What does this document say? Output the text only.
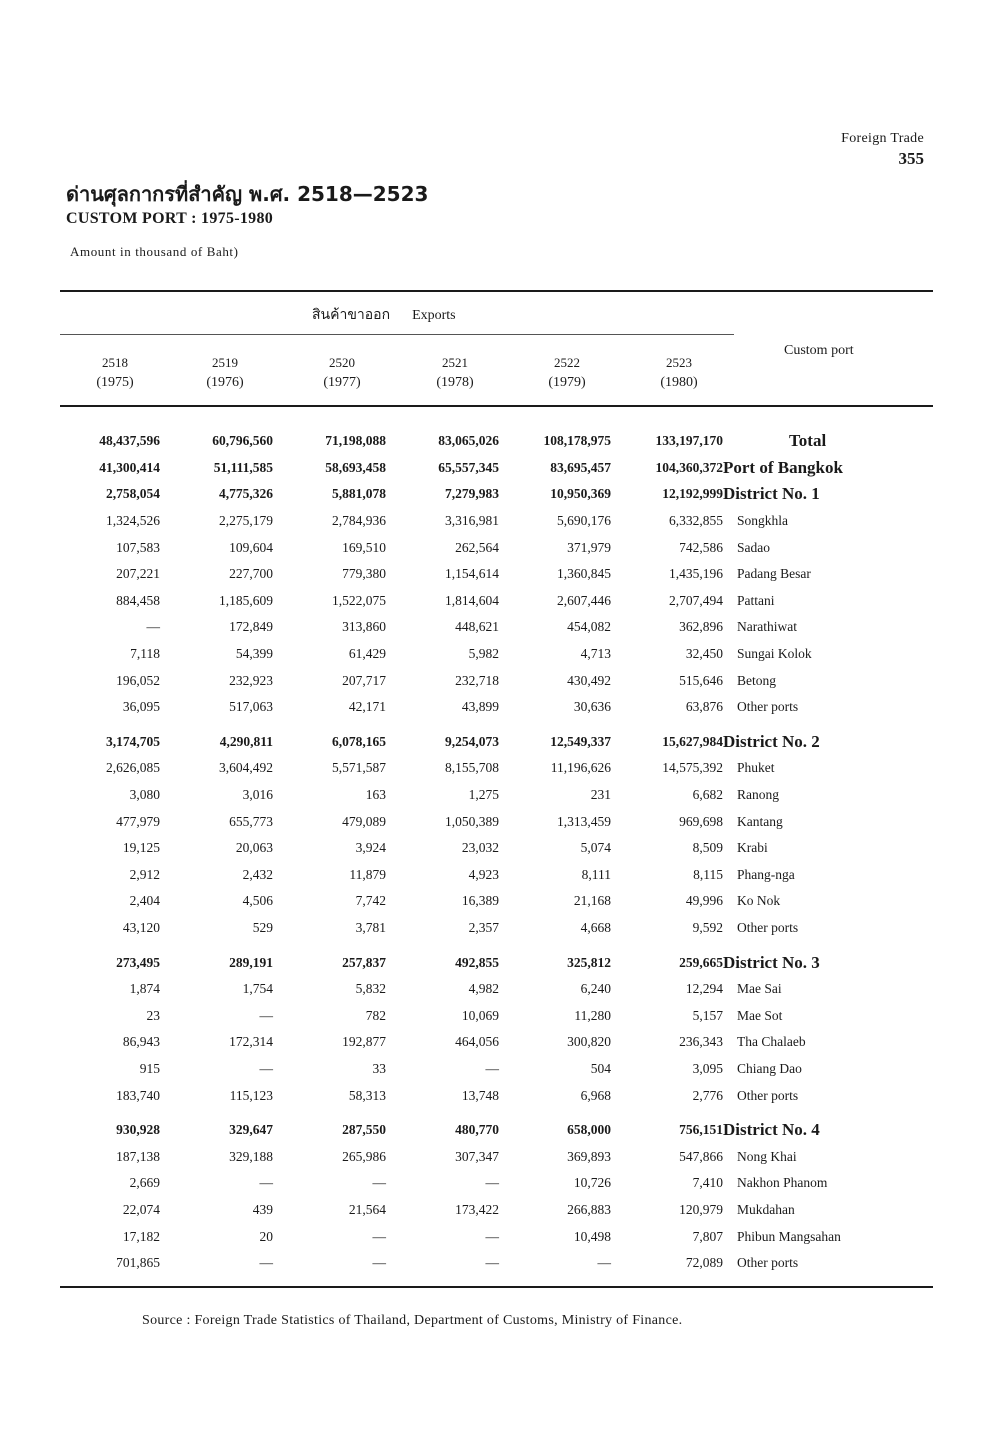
Foreign Trade
355
ด่านศุลกากรที่สำคัญ พ.ศ. 2518—2523
CUSTOM PORT : 1975-1980
Amount in thousand of Baht)
สินค้าขาออก Exports
2518
(1975)
2519
(1976)
2520
(1977)
2521
(1978)
2522
(1979)
2523
(1980)
Custom port
48,437,596	60,796,560	71,198,088	83,065,026	108,178,975	133,197,170	Total
41,300,414	51,111,585	58,693,458	65,557,345	83,695,457	104,360,372	Port of Bangkok
2,758,054	4,775,326	5,881,078	7,279,983	10,950,369	12,192,999	District No. 1
1,324,526	2,275,179	2,784,936	3,316,981	5,690,176	6,332,855	Songkhla
107,583	109,604	169,510	262,564	371,979	742,586	Sadao
207,221	227,700	779,380	1,154,614	1,360,845	1,435,196	Padang Besar
884,458	1,185,609	1,522,075	1,814,604	2,607,446	2,707,494	Pattani
—	172,849	313,860	448,621	454,082	362,896	Narathiwat
7,118	54,399	61,429	5,982	4,713	32,450	Sungai Kolok
196,052	232,923	207,717	232,718	430,492	515,646	Betong
36,095	517,063	42,171	43,899	30,636	63,876	Other ports
3,174,705	4,290,811	6,078,165	9,254,073	12,549,337	15,627,984	District No. 2
2,626,085	3,604,492	5,571,587	8,155,708	11,196,626	14,575,392	Phuket
3,080	3,016	163	1,275	231	6,682	Ranong
477,979	655,773	479,089	1,050,389	1,313,459	969,698	Kantang
19,125	20,063	3,924	23,032	5,074	8,509	Krabi
2,912	2,432	11,879	4,923	8,111	8,115	Phang-nga
2,404	4,506	7,742	16,389	21,168	49,996	Ko Nok
43,120	529	3,781	2,357	4,668	9,592	Other ports
273,495	289,191	257,837	492,855	325,812	259,665	District No. 3
1,874	1,754	5,832	4,982	6,240	12,294	Mae Sai
23	—	782	10,069	11,280	5,157	Mae Sot
86,943	172,314	192,877	464,056	300,820	236,343	Tha Chalaeb
915	—	33	—	504	3,095	Chiang Dao
183,740	115,123	58,313	13,748	6,968	2,776	Other ports
930,928	329,647	287,550	480,770	658,000	756,151	District No. 4
187,138	329,188	265,986	307,347	369,893	547,866	Nong Khai
2,669	—	—	—	10,726	7,410	Nakhon Phanom
22,074	439	21,564	173,422	266,883	120,979	Mukdahan
17,182	20	—	—	10,498	7,807	Phibun Mangsahan
701,865	—	—	—	—	72,089	Other ports
Source : Foreign Trade Statistics of Thailand, Department of Customs, Ministry of Finance.
